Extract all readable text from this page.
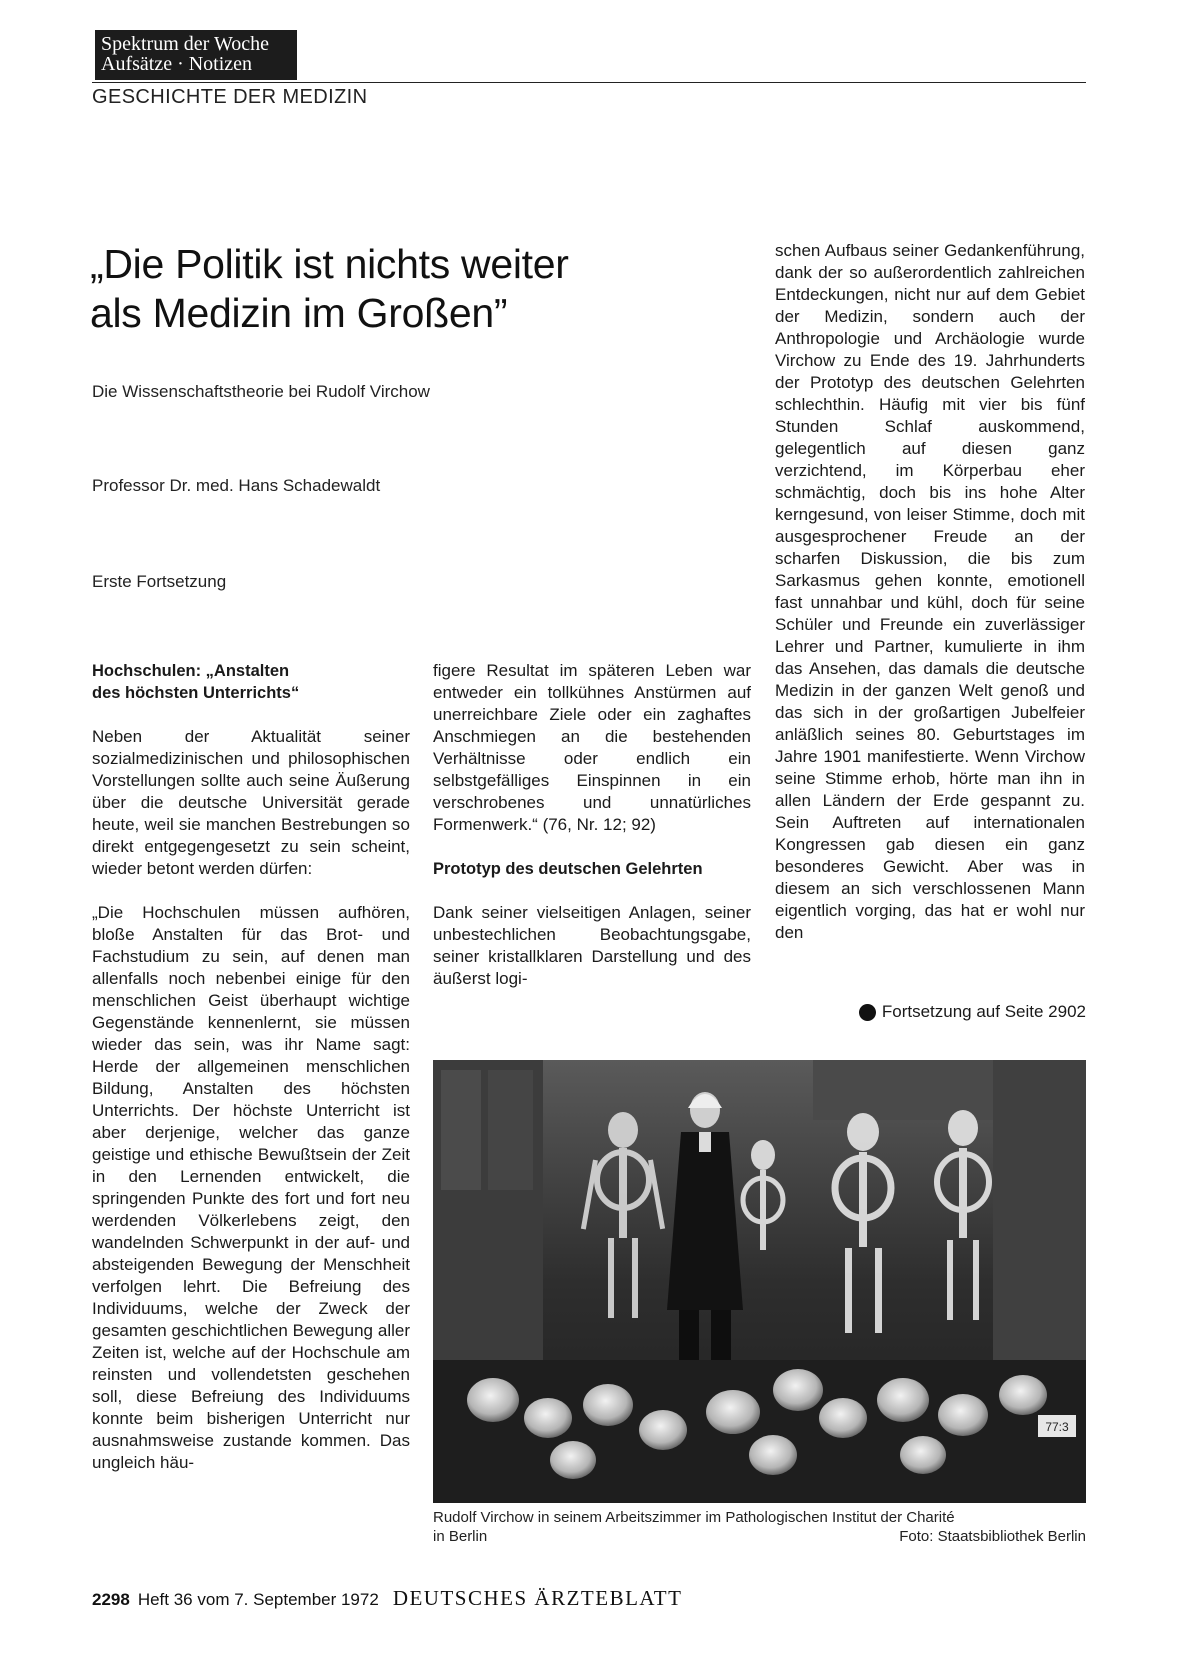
Spektrum der Woche
Aufsätze · Notizen
GESCHICHTE DER MEDIZIN
„Die Politik ist nichts weiter
als Medizin im Großen”
Die Wissenschaftstheorie bei Rudolf Virchow
Professor Dr. med. Hans Schadewaldt
Erste Fortsetzung
Hochschulen: „Anstalten
des höchsten Unterrichts“

Neben der Aktualität seiner sozialmedizinischen und philosophischen Vorstellungen sollte auch seine Äußerung über die deutsche Universität gerade heute, weil sie manchen Bestrebungen so direkt entgegengesetzt zu sein scheint, wieder betont werden dürfen:

„Die Hochschulen müssen aufhören, bloße Anstalten für das Brot- und Fachstudium zu sein, auf denen man allenfalls noch nebenbei einige für den menschlichen Geist überhaupt wichtige Gegenstände kennenlernt, sie müssen wieder das sein, was ihr Name sagt: Herde der allgemeinen menschlichen Bildung, Anstalten des höchsten Unterrichts. Der höchste Unterricht ist aber derjenige, welcher das ganze geistige und ethische Bewußtsein der Zeit in den Lernenden entwickelt, die springenden Punkte des fort und fort neu werdenden Völkerlebens zeigt, den wandelnden Schwerpunkt in der auf- und absteigenden Bewegung der Menschheit verfolgen lehrt. Die Befreiung des Individuums, welche der Zweck der gesamten geschichtlichen Bewegung aller Zeiten ist, welche auf der Hochschule am reinsten und vollendetsten geschehen soll, diese Befreiung des Individuums konnte beim bisherigen Unterricht nur ausnahmsweise zustande kommen. Das ungleich häu-

figere Resultat im späteren Leben war entweder ein tollkühnes Anstürmen auf unerreichbare Ziele oder ein zaghaftes Anschmiegen an die bestehenden Verhältnisse oder endlich ein selbstgefälliges Einspinnen in ein verschrobenes und unnatürliches Formenwerk.“ (76, Nr. 12; 92)

Prototyp des deutschen Gelehrten

Dank seiner vielseitigen Anlagen, seiner unbestechlichen Beobachtungsgabe, seiner kristallklaren Darstellung und des äußerst logi-

schen Aufbaus seiner Gedankenführung, dank der so außerordentlich zahlreichen Entdeckungen, nicht nur auf dem Gebiet der Medizin, sondern auch der Anthropologie und Archäologie wurde Virchow zu Ende des 19. Jahrhunderts der Prototyp des deutschen Gelehrten schlechthin. Häufig mit vier bis fünf Stunden Schlaf auskommend, gelegentlich auf diesen ganz verzichtend, im Körperbau eher schmächtig, doch bis ins hohe Alter kerngesund, von leiser Stimme, doch mit ausgesprochener Freude an der scharfen Diskussion, die bis zum Sarkasmus gehen konnte, emotionell fast unnahbar und kühl, doch für seine Schüler und Freunde ein zuverlässiger Lehrer und Partner, kumulierte in ihm das Ansehen, das damals die deutsche Medizin in der ganzen Welt genoß und das sich in der großartigen Jubelfeier anläßlich seines 80. Geburtstages im Jahre 1901 manifestierte. Wenn Virchow seine Stimme erhob, hörte man ihn in allen Ländern der Erde gespannt zu. Sein Auftreten auf internationalen Kongressen gab diesen ein ganz besonderes Gewicht. Aber was in diesem an sich verschlossenen Mann eigentlich vorging, das hat er wohl nur den

Fortsetzung auf Seite 2902
77:3
Rudolf Virchow in seinem Arbeitszimmer im Pathologischen Institut der Charité
in Berlin	Foto: Staatsbibliothek Berlin
2298 Heft 36 vom 7. September 1972 DEUTSCHES ÄRZTEBLATT
